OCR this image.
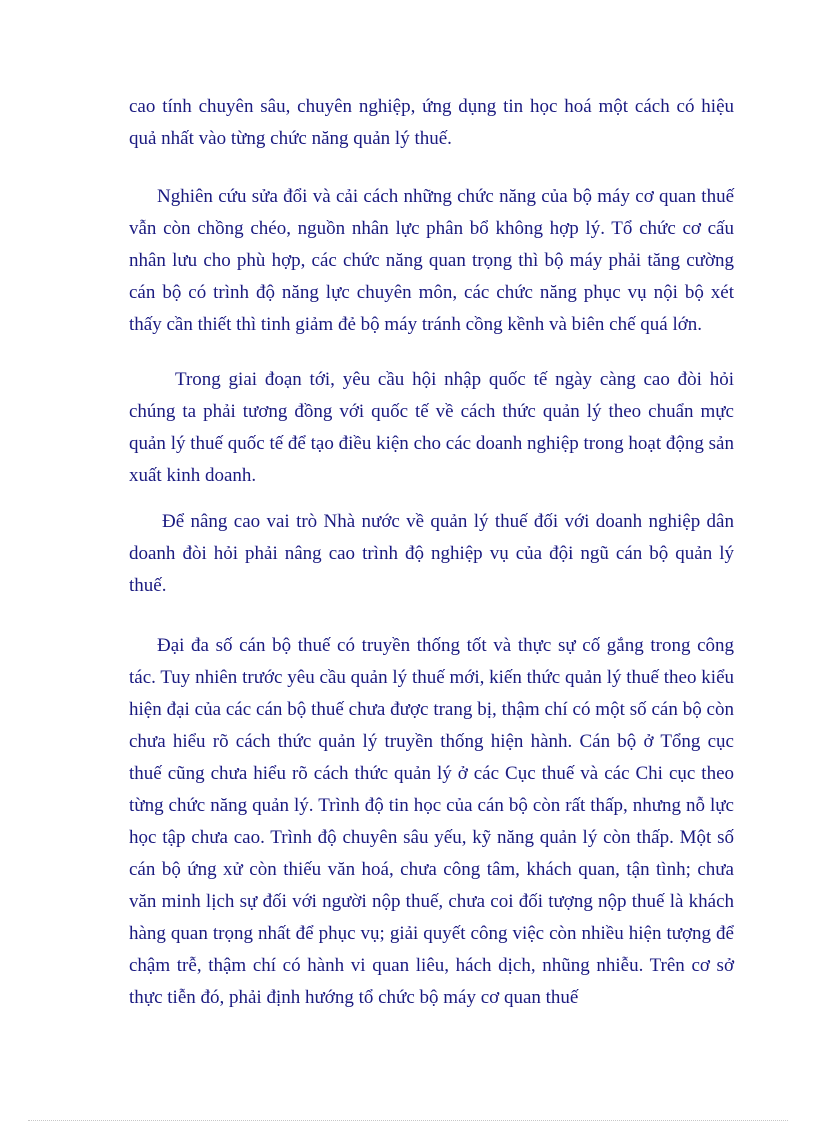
cao tính chuyên sâu, chuyên nghiệp, ứng dụng tin học hoá một cách có hiệu quả nhất vào từng chức năng quản lý thuế.

Nghiên cứu sửa đổi và cải cách những chức năng của bộ máy cơ quan thuế vẫn còn chồng chéo, nguồn nhân lực phân bổ không hợp lý. Tổ chức cơ cấu nhân lưu cho phù hợp, các chức năng quan trọng thì bộ máy phải tăng cường cán bộ có trình độ năng lực chuyên môn, các chức năng phục vụ nội bộ xét thấy cần thiết thì tinh giảm đẻ bộ máy tránh cồng kềnh và biên chế quá lớn.

Trong giai đoạn tới, yêu cầu hội nhập quốc tế ngày càng cao đòi hỏi chúng ta phải tương đồng với quốc tế về cách thức quản lý theo chuẩn mực quản lý thuế quốc tế để tạo điều kiện cho các doanh nghiệp trong hoạt động sản xuất kinh doanh.

Để nâng cao vai trò Nhà nước về quản lý thuế đối với doanh nghiệp dân doanh đòi hỏi phải nâng cao trình độ nghiệp vụ của đội ngũ cán bộ quản lý thuế.

Đại đa số cán bộ thuế có truyền thống tốt và thực sự cố gắng trong công tác. Tuy nhiên trước yêu cầu quản lý thuế mới, kiến thức quản lý thuế theo kiểu hiện đại của các cán bộ thuế chưa được trang bị, thậm chí có một số cán bộ còn chưa hiểu rõ cách thức quản lý truyền thống hiện hành. Cán bộ ở Tổng cục thuế cũng chưa hiểu rõ cách thức quản lý ở các Cục thuế và các Chi cục theo từng chức năng quản lý. Trình độ tin học của cán bộ còn rất thấp, nhưng nỗ lực học tập chưa cao. Trình độ chuyên sâu yếu, kỹ năng quản lý còn thấp. Một số cán bộ ứng xử còn thiếu văn hoá, chưa công tâm, khách quan, tận tình; chưa văn minh lịch sự đối với người nộp thuế, chưa coi đối tượng nộp thuế là khách hàng quan trọng nhất để phục vụ; giải quyết công việc còn nhiều hiện tượng để chậm trễ, thậm chí có hành vi quan liêu, hách dịch, nhũng nhiễu. Trên cơ sở thực tiễn đó, phải định hướng tổ chức bộ máy cơ quan thuế
